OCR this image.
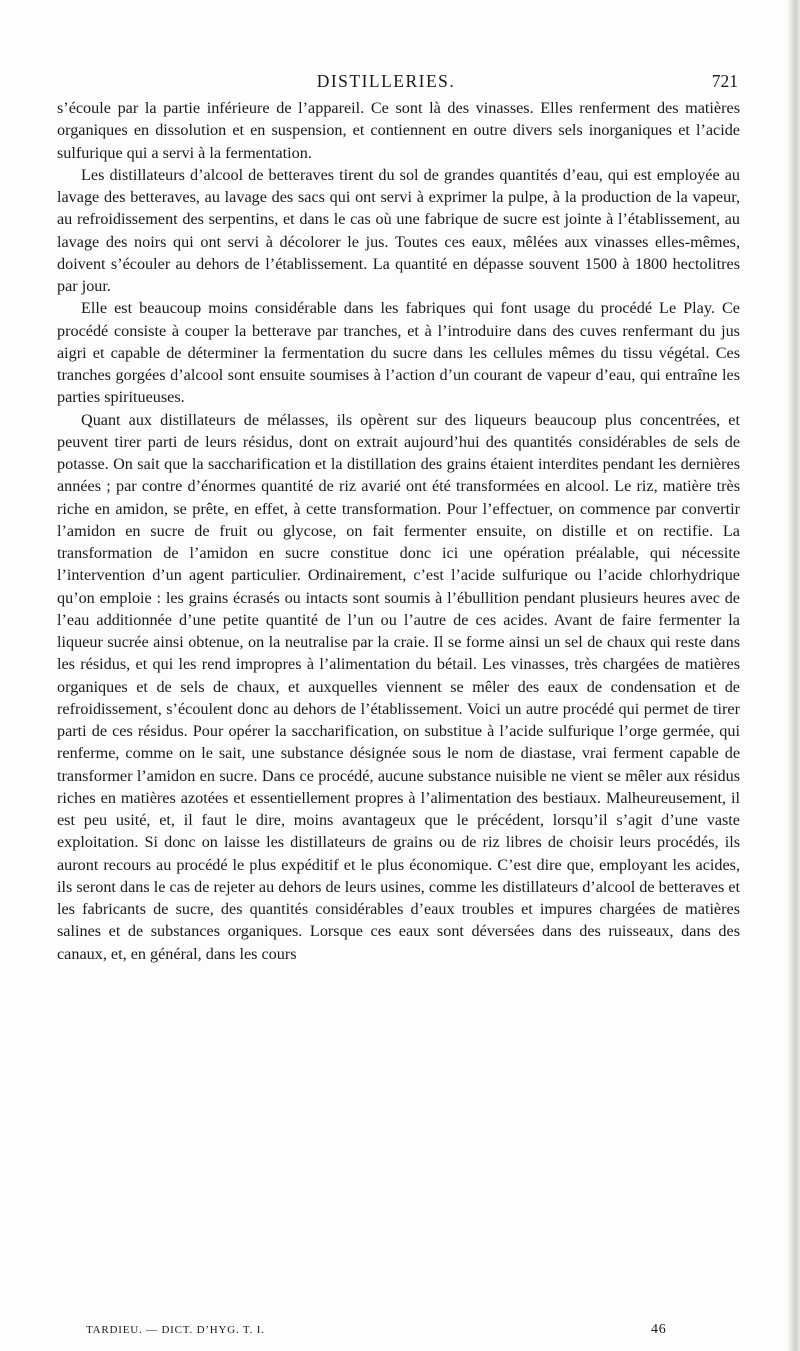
DISTILLERIES.	721

s’écoule par la partie inférieure de l’appareil. Ce sont là des vinasses. Elles renferment des matières organiques en dissolution et en suspension, et contiennent en outre divers sels inorganiques et l’acide sulfurique qui a servi à la fermentation.

Les distillateurs d’alcool de betteraves tirent du sol de grandes quantités d’eau, qui est employée au lavage des betteraves, au lavage des sacs qui ont servi à exprimer la pulpe, à la production de la vapeur, au refroidissement des serpentins, et dans le cas où une fabrique de sucre est jointe à l’établissement, au lavage des noirs qui ont servi à décolorer le jus. Toutes ces eaux, mêlées aux vinasses elles-mêmes, doivent s’écouler au dehors de l’établissement. La quantité en dépasse souvent 1500 à 1800 hectolitres par jour.

Elle est beaucoup moins considérable dans les fabriques qui font usage du procédé Le Play. Ce procédé consiste à couper la betterave par tranches, et à l’introduire dans des cuves renfermant du jus aigri et capable de déterminer la fermentation du sucre dans les cellules mêmes du tissu végétal. Ces tranches gorgées d’alcool sont ensuite soumises à l’action d’un courant de vapeur d’eau, qui entraîne les parties spiritueuses.

Quant aux distillateurs de mélasses, ils opèrent sur des liqueurs beaucoup plus concentrées, et peuvent tirer parti de leurs résidus, dont on extrait aujourd’hui des quantités considérables de sels de potasse. On sait que la saccharification et la distillation des grains étaient interdites pendant les dernières années ; par contre d’énormes quantité de riz avarié ont été transformées en alcool. Le riz, matière très riche en amidon, se prête, en effet, à cette transformation. Pour l’effectuer, on commence par convertir l’amidon en sucre de fruit ou glycose, on fait fermenter ensuite, on distille et on rectifie. La transformation de l’amidon en sucre constitue donc ici une opération préalable, qui nécessite l’intervention d’un agent particulier. Ordinairement, c’est l’acide sulfurique ou l’acide chlorhydrique qu’on emploie : les grains écrasés ou intacts sont soumis à l’ébullition pendant plusieurs heures avec de l’eau additionnée d’une petite quantité de l’un ou l’autre de ces acides. Avant de faire fermenter la liqueur sucrée ainsi obtenue, on la neutralise par la craie. Il se forme ainsi un sel de chaux qui reste dans les résidus, et qui les rend impropres à l’alimentation du bétail. Les vinasses, très chargées de matières organiques et de sels de chaux, et auxquelles viennent se mêler des eaux de condensation et de refroidissement, s’écoulent donc au dehors de l’établissement. Voici un autre procédé qui permet de tirer parti de ces résidus. Pour opérer la saccharification, on substitue à l’acide sulfurique l’orge germée, qui renferme, comme on le sait, une substance désignée sous le nom de diastase, vrai ferment capable de transformer l’amidon en sucre. Dans ce procédé, aucune substance nuisible ne vient se mêler aux résidus riches en matières azotées et essentiellement propres à l’alimentation des bestiaux. Malheureusement, il est peu usité, et, il faut le dire, moins avantageux que le précédent, lorsqu’il s’agit d’une vaste exploitation. Si donc on laisse les distillateurs de grains ou de riz libres de choisir leurs procédés, ils auront recours au procédé le plus expéditif et le plus économique. C’est dire que, employant les acides, ils seront dans le cas de rejeter au dehors de leurs usines, comme les distillateurs d’alcool de betteraves et les fabricants de sucre, des quantités considérables d’eaux troubles et impures chargées de matières salines et de substances organiques. Lorsque ces eaux sont déversées dans des ruisseaux, dans des canaux, et, en général, dans les cours

TARDIEU. — DICT. D’HYG. T. I.	46
